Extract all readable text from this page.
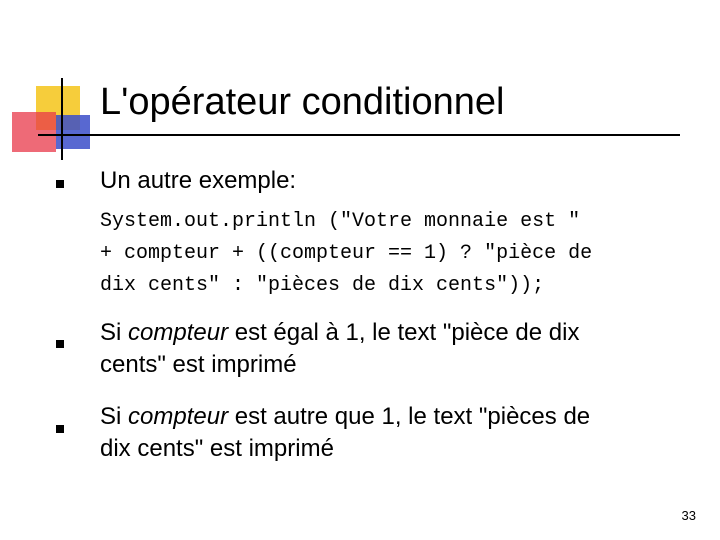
L'opérateur conditionnel
Un autre exemple:
System.out.println ("Votre monnaie est "
+ compteur + ((compteur == 1) ? "pièce de
dix cents" : "pièces de dix cents"));
Si compteur est égal à 1, le text "pièce de dix
cents" est imprimé
Si compteur est autre que 1, le text "pièces de
dix cents" est imprimé
33
